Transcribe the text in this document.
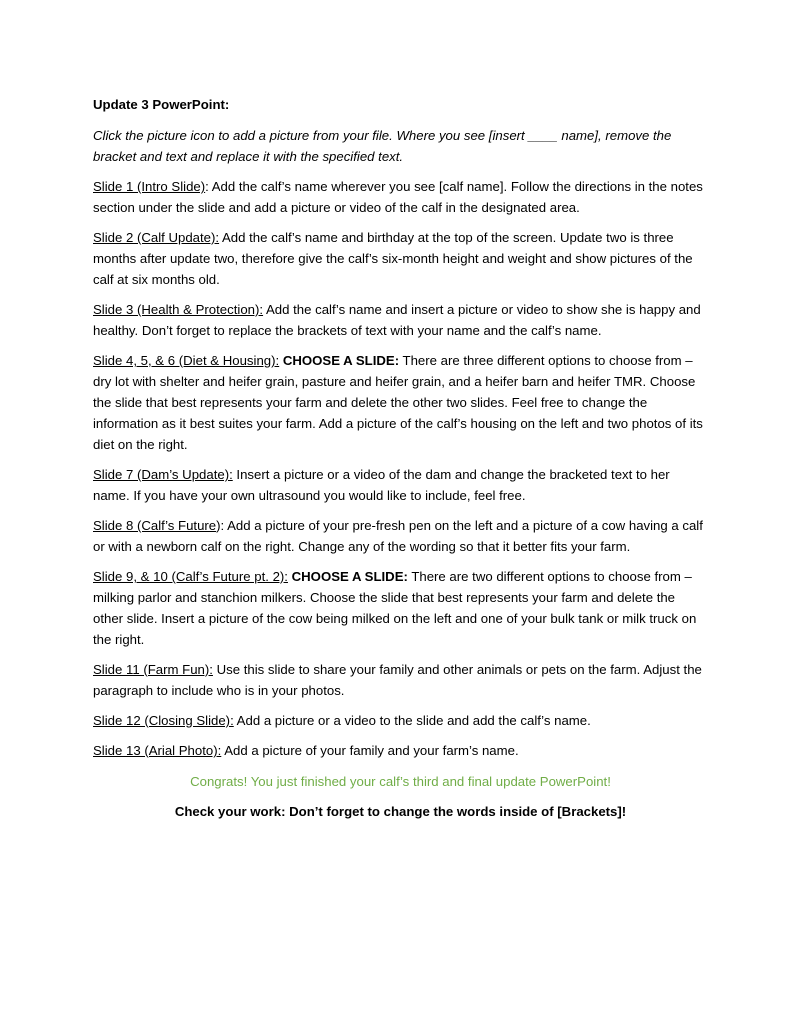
Update 3 PowerPoint:

Click the picture icon to add a picture from your file. Where you see [insert ____ name], remove the bracket and text and replace it with the specified text.

Slide 1 (Intro Slide): Add the calf’s name wherever you see [calf name]. Follow the directions in the notes section under the slide and add a picture or video of the calf in the designated area.

Slide 2 (Calf Update): Add the calf’s name and birthday at the top of the screen. Update two is three months after update two, therefore give the calf’s six-month height and weight and show pictures of the calf at six months old.

Slide 3 (Health & Protection): Add the calf’s name and insert a picture or video to show she is happy and healthy. Don’t forget to replace the brackets of text with your name and the calf’s name.

Slide 4, 5, & 6 (Diet & Housing): CHOOSE A SLIDE: There are three different options to choose from – dry lot with shelter and heifer grain, pasture and heifer grain, and a heifer barn and heifer TMR. Choose the slide that best represents your farm and delete the other two slides. Feel free to change the information as it best suites your farm. Add a picture of the calf’s housing on the left and two photos of its diet on the right.

Slide 7 (Dam’s Update): Insert a picture or a video of the dam and change the bracketed text to her name. If you have your own ultrasound you would like to include, feel free.

Slide 8 (Calf’s Future): Add a picture of your pre-fresh pen on the left and a picture of a cow having a calf or with a newborn calf on the right. Change any of the wording so that it better fits your farm.

Slide 9, & 10 (Calf’s Future pt. 2): CHOOSE A SLIDE: There are two different options to choose from – milking parlor and stanchion milkers. Choose the slide that best represents your farm and delete the other slide. Insert a picture of the cow being milked on the left and one of your bulk tank or milk truck on the right.

Slide 11 (Farm Fun): Use this slide to share your family and other animals or pets on the farm. Adjust the paragraph to include who is in your photos.

Slide 12 (Closing Slide): Add a picture or a video to the slide and add the calf’s name.

Slide 13 (Arial Photo): Add a picture of your family and your farm’s name.

Congrats! You just finished your calf’s third and final update PowerPoint!

Check your work: Don’t forget to change the words inside of [Brackets]!
